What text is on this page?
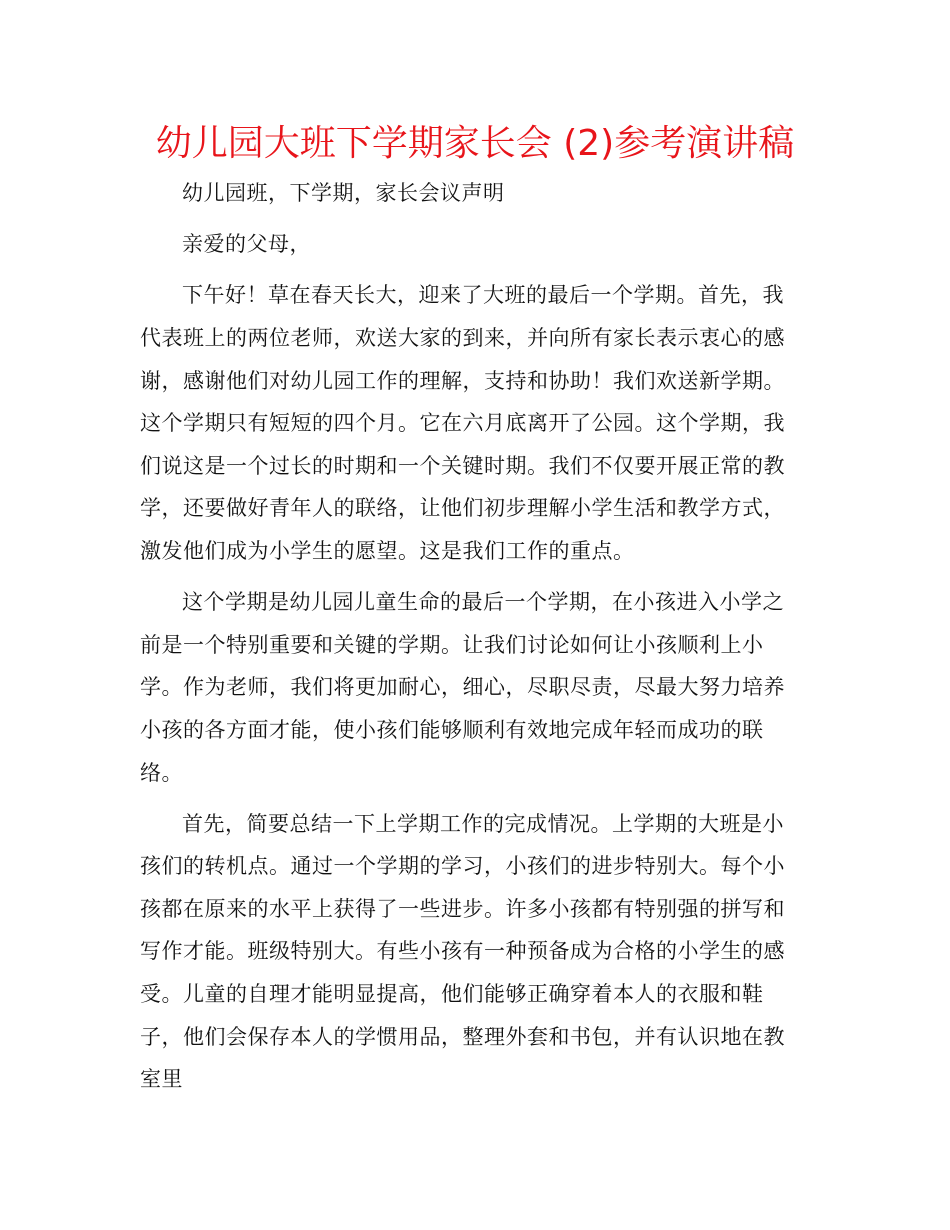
幼儿园大班下学期家长会 (2)参考演讲稿

幼儿园班，下学期，家长会议声明

亲爱的父母，

下午好！草在春天长大，迎来了大班的最后一个学期。首先，我代表班上的两位老师，欢送大家的到来，并向所有家长表示衷心的感谢，感谢他们对幼儿园工作的理解，支持和协助！我们欢送新学期。这个学期只有短短的四个月。它在六月底离开了公园。这个学期，我们说这是一个过长的时期和一个关键时期。我们不仅要开展正常的教学，还要做好青年人的联络，让他们初步理解小学生活和教学方式，激发他们成为小学生的愿望。这是我们工作的重点。

这个学期是幼儿园儿童生命的最后一个学期，在小孩进入小学之前是一个特别重要和关键的学期。让我们讨论如何让小孩顺利上小学。作为老师，我们将更加耐心，细心，尽职尽责，尽最大努力培养小孩的各方面才能，使小孩们能够顺利有效地完成年轻而成功的联络。

首先，简要总结一下上学期工作的完成情况。上学期的大班是小孩们的转机点。通过一个学期的学习，小孩们的进步特别大。每个小孩都在原来的水平上获得了一些进步。许多小孩都有特别强的拼写和写作才能。班级特别大。有些小孩有一种预备成为合格的小学生的感受。儿童的自理才能明显提高，他们能够正确穿着本人的衣服和鞋子，他们会保存本人的学惯用品，整理外套和书包，并有认识地在教室里
